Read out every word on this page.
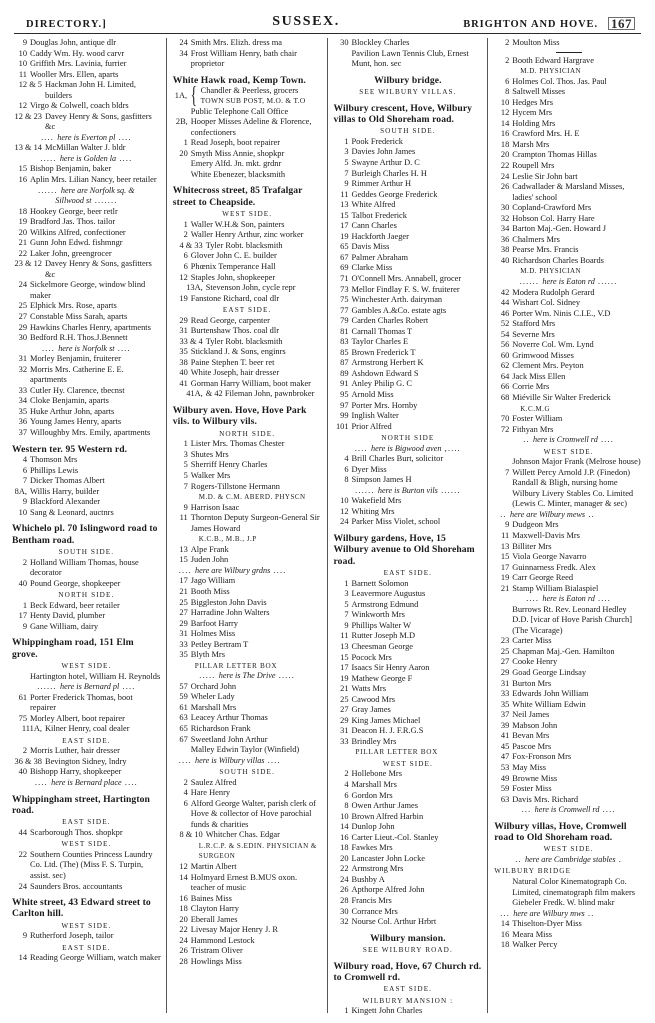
DIRECTORY.]	SUSSEX.	BRIGHTON AND HOVE. 167
9 Douglas John, antique dlr
10 Caddy Wm. Hy. wood carvr
10 Griffith Mrs. Lavinia, furrier
11 Wooller Mrs. Ellen, aparts
12 & 5 Hackman John H. Limited, builders
12 Virgo & Colwell, coach bldrs
12 & 23 Davey Henry & Sons, gasfitters &c
.... here is Everton pl ....
13 & 14 McMillan Walter J. bldr
..... here is Golden la ....
15 Bishop Benjamin, baker
16 Aplin Mrs. Lilian Nancy, beer retailer
...... here are Norfolk sq. &
Sillwood st .......
18 Hookey George, beer retlr
19 Bradford Jas. Thos. tailor
20 Wilkins Alfred, confectioner
21 Gunn John Edwd. fishmngr
22 Laker John, greengrocer
23 & 12 Davey Henry & Sons, gasfitters &c
24 Sickelmore George, window blind maker
25 Elphick Mrs. Rose, aparts
27 Constable Miss Sarah, aparts
29 Hawkins Charles Henry, apartments
30 Bedford R.H. Thos.J.Bennett
.... here is Norfolk st ....
31 Morley Benjamin, fruiterer
32 Morris Mrs. Catherine E. E. apartments
33 Cutler Hy. Clarence, tbecnst
34 Cloke Benjamin, aparts
35 Huke Arthur John, aparts
36 Young James Henry, aparts
37 Willoughby Mrs. Emily, apartments
Western ter. 95 Western rd.
4 Thomson Mrs
6 Phillips Lewis
7 Dicker Thomas Albert
8A, Willis Harry, builder
9 Blackford Alexander
10 Sang & Leonard, auctnrs
Whichelo pl. 70 Islingword road to Bentham road.
SOUTH SIDE.
2 Holland William Thomas, house decorator
40 Pound George, shopkeeper
NORTH SIDE.
1 Beck Edward, beer retailer
17 Henty David, plumber
9 Gane William, dairy
Whippingham road, 151 Elm grove.
WEST SIDE.
Hartington hotel, William H. Reynolds
...... here is Bernard pl ....
61 Porter Frederick Thomas, boot repairer
75 Morley Albert, boot repairer
111A, Kilner Henry, coal dealer
EAST SIDE.
2 Morris Luther, hair dresser
36 & 38 Bevington Sidney, lndry
40 Bishopp Harry, shopkeeper
.... here is Bernard place ....
Whippingham street, Hartington road.
EAST SIDE.
44 Scarborough Thos. shopkpr
WEST SIDE.
22 Southern Counties Princess Laundry Co. Ltd. (The) (Miss F. S. Turpin, assist. sec)
24 Saunders Bros. accountants
White street, 43 Edward street to Carlton hill.
WEST SIDE.
9 Rutherford Joseph, tailor
EAST SIDE.
14 Reading George William, watch maker
24 Smith Mrs. Elizh. dress ma
34 Frost William Henry, bath chair proprietor
White Hawk road, Kemp Town.
1A, { Chandler & Peerless, grocers
TOWN SUB POST, M.O. & T.O
Public Telephone Call Office
2B, Hooper Misses Adeline & Florence, confectioners
1 Read Joseph, boot repairer
20 Smyth Miss Annie, shopkpr
Emery Alfd. Jn. mkt. grdnr
White Ebenezer, blacksmith
Whitecross street, 85 Trafalgar street to Cheapside.
WEST SIDE.
1 Waller W.H.& Son, painters
2 Waller Henry Arthur, zinc worker
4 & 33 Tyler Robt. blacksmith
6 Glover John C. E. builder
6 Phœnix Temperance Hall
12 Staples John, shopkeeper
13A, Stevenson John, cycle repr
19 Fanstone Richard, coal dlr
EAST SIDE.
29 Read George, carpenter
31 Burtenshaw Thos. coal dlr
33 & 4 Tyler Robt. blacksmith
35 Stickland J. & Sons, enginrs
38 Paine Stephen T. beer ret
40 White Joseph, hair dresser
41 Gorman Harry William, boot maker
41A, & 42 Fileman John, pawnbroker
Wilbury aven. Hove, Hove Park vils. to Wilbury vils.
NORTH SIDE.
1 Lister Mrs. Thomas Chester
3 Shutes Mrs
5 Sherriff Henry Charles
5 Walker Mrs
7 Rogers-Tillstone Hermann
M.D. & C.M. ABERD. PHYSCN
9 Harrison Isaac
11 Thornton Deputy Surgeon-General Sir James Howard
K.C.B., M.B., J.P
13 Alpe Frank
15 Juden John
.... here are Wilbury grdns ....
17 Jago William
21 Booth Miss
25 Biggleston John Davis
27 Harradine John Walters
29 Barfoot Harry
31 Holmes Miss
33 Petley Bertram T
35 Blyth Mrs
PILLAR LETTER BOX
..... here is The Drive .....
57 Orchard John
59 Wheler Lady
61 Marshall Mrs
63 Leacey Arthur Thomas
65 Richardson Frank
67 Sweetland John Arthur
Malley Edwin Taylor (Winfield)
.... here is Wilbury villas ....
SOUTH SIDE.
2 Saulez Alfred
4 Hare Henry
6 Alford George Walter, parish clerk of Hove & collector of Hove parochial funds & charities
8 & 10 Whitcher Chas. Edgar
L.R.C.P. & S.EDIN. PHYSICIAN & SURGEON
12 Martin Albert
14 Holmyard Ernest B.MUS oxon. teacher of music
16 Baines Miss
18 Clayton Harry
20 Eberall James
22 Livesay Major Henry J. R
24 Hammond Lestock
26 Tristram Oliver
28 Howlings Miss
30 Blockley Charles
Pavilion Lawn Tennis Club, Ernest Munt, hon. sec
Wilbury bridge.
SEE WILBURY VILLAS.
Wilbury crescent, Hove, Wilbury villas to Old Shoreham road.
SOUTH SIDE.
1 Pook Frederick
3 Davies John James
5 Swayne Arthur D. C
7 Burleigh Charles H. H
9 Rimmer Arthur H
11 Geddes George Frederick
13 White Alfred
15 Talbot Frederick
17 Cann Charles
19 Hackforth Jaeger
65 Davis Miss
67 Palmer Abraham
69 Clarke Miss
71 O'Connell Mrs. Annabell, grocer
73 Mellor Findlay F. S. W. fruiterer
75 Winchester Arth. dairyman
77 Gambles A.&Co. estate agts
79 Carden Charles Robert
81 Carnall Thomas T
83 Taylor Charles E
85 Brown Frederick T
87 Armstrong Herbert K
89 Ashdown Edward S
91 Anley Philip G. C
95 Arnold Miss
97 Porter Mrs. Hornby
99 Inglish Walter
101 Prior Alfred
NORTH SIDE
.... here is Bigwood aven ,....
4 Brill Charles Burt, solicitor
6 Dyer Miss
8 Simpson James H
...... here is Burton vils ......
10 Wakefield Mrs
12 Whiting Mrs
24 Parker Miss Violet, school
Wilbury gardens, Hove, 15 Wilbury avenue to Old Shoreham road.
EAST SIDE.
1 Barnett Solomon
3 Leavermore Augustus
5 Armstrong Edmund
7 Winkworth Mrs
9 Phillips Walter W
11 Rutter Joseph M.D
13 Cheesman George
15 Pocock Mrs
17 Isaacs Sir Henry Aaron
19 Mathew George F
21 Watts Mrs
25 Cawood Mrs
27 Gray James
29 King James Michael
31 Deacon H. J. F.R.G.S
33 Brindley Mrs
PILLAR LETTER BOX
WEST SIDE.
2 Hollebone Mrs
4 Marshall Mrs
6 Gordon Mrs
8 Owen Arthur James
10 Brown Alfred Harbin
14 Dunlop John
16 Carter Lieut.-Col. Stanley
18 Fawkes Mrs
20 Lancaster John Locke
22 Armstrong Mrs
24 Bushby A
26 Apthorpe Alfred John
28 Francis Mrs
30 Corrance Mrs
32 Nourse Col. Arthur Hrbrt
Wilbury mansion.
SEE WILBURY ROAD.
Wilbury road, Hove, 67 Church rd. to Cromwell rd.
EAST SIDE.
WILBURY MANSION :
1 Kingett John Charles
2 Moulton Miss
2 Booth Edward Hargrave
M.D. PHYSICIAN
6 Holmes Col. Thos. Jas. Paul
8 Saltwell Misses
10 Hedges Mrs
12 Hycem Mrs
14 Holding Mrs
16 Crawford Mrs. H. E
18 Marsh Mrs
20 Crampton Thomas Hillas
22 Roupell Mrs
24 Leslie Sir John bart
26 Cadwallader & Marsland Misses, ladies' school
30 Copland-Crawford Mrs
32 Hobson Col. Harry Hare
34 Barton Maj.-Gen. Howard J
36 Chalmers Mrs
38 Pearse Mrs. Francis
40 Richardson Charles Boards
M.D. PHYSICIAN
...... here is Eaton rd ......
42 Modera Rudolph Gerard
44 Wishart Col. Sidney
46 Porter Wm. Ninis C.I.E., V.D
52 Stafford Mrs
54 Severne Mrs
56 Noverre Col. Wm. Lynd
60 Grimwood Misses
62 Clement Mrs. Peyton
64 Jack Miss Ellen
66 Corrie Mrs
68 Miéville Sir Walter Frederick
K.C.M.G
70 Foster William
72 Fithyan Mrs
.. here is Cromwell rd ....
WEST SIDE.
Johnson Major Frank (Melrose house)
7 Willett Percy Arnold J.P. (Finedon)
Randall & Bligh, nursing home
Wilbury Livery Stables Co. Limited (Lewis C. Minter, manager & sec)
.. here are Wilbury mews ..
9 Dudgeon Mrs
11 Maxwell-Davis Mrs
13 Billiter Mrs
15 Viola George Navarro
17 Guinnarness Fredk. Alex
19 Carr George Reed
21 Stamp William Bialaspiel
.... here is Eaton rd ....
Burrows Rt. Rev. Leonard Hedley D.D. [vicar of Hove Parish Church] (The Vicarage)
23 Carter Miss
25 Chapman Maj.-Gen. Hamilton
27 Cooke Henry
29 Goad George Lindsay
31 Burton Mrs
33 Edwards John William
35 White William Edwin
37 Neil James
39 Mabson John
41 Bevan Mrs
45 Pascoe Mrs
47 Fox-Fronson Mrs
53 May Miss
49 Browne Miss
59 Foster Miss
63 Davis Mrs. Richard
... here is Cromwell rd ....
Wilbury villas, Hove, Cromwell road to Old Shoreham road.
WEST SIDE.
.. here are Cambridge stables .
WILBURY BRIDGE
Natural Color Kinematograph Co. Limited, cinematograph film makers
Giebeler Fredk. W. blind makr
... here are Wilbury mws ..
14 Thiselton-Dyer Miss
16 Meara Miss
18 Walker Percy
